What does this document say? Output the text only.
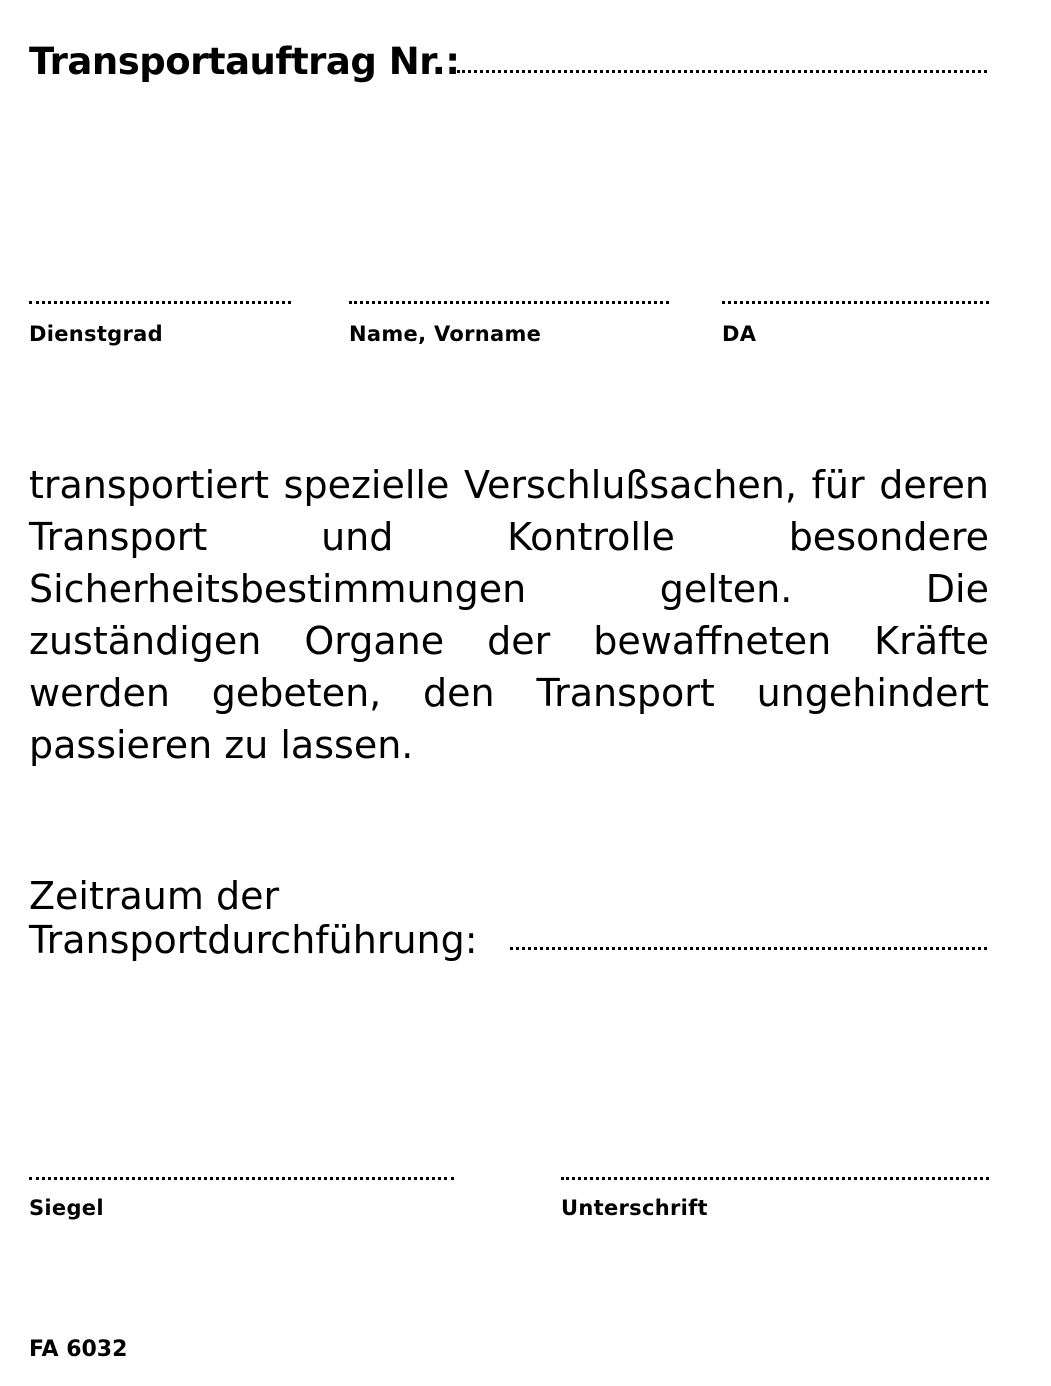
Transportauftrag Nr.:
Dienstgrad	Name, Vorname	DA
transportiert spezielle Verschlußsachen, für deren Transport und Kontrolle besondere Sicherheitsbestimmungen gelten. Die zuständigen Organe der bewaffneten Kräfte werden gebeten, den Transport ungehindert passieren zu lassen.
Zeitraum der
Transportdurchführung:
Siegel	Unterschrift
FA 6032
